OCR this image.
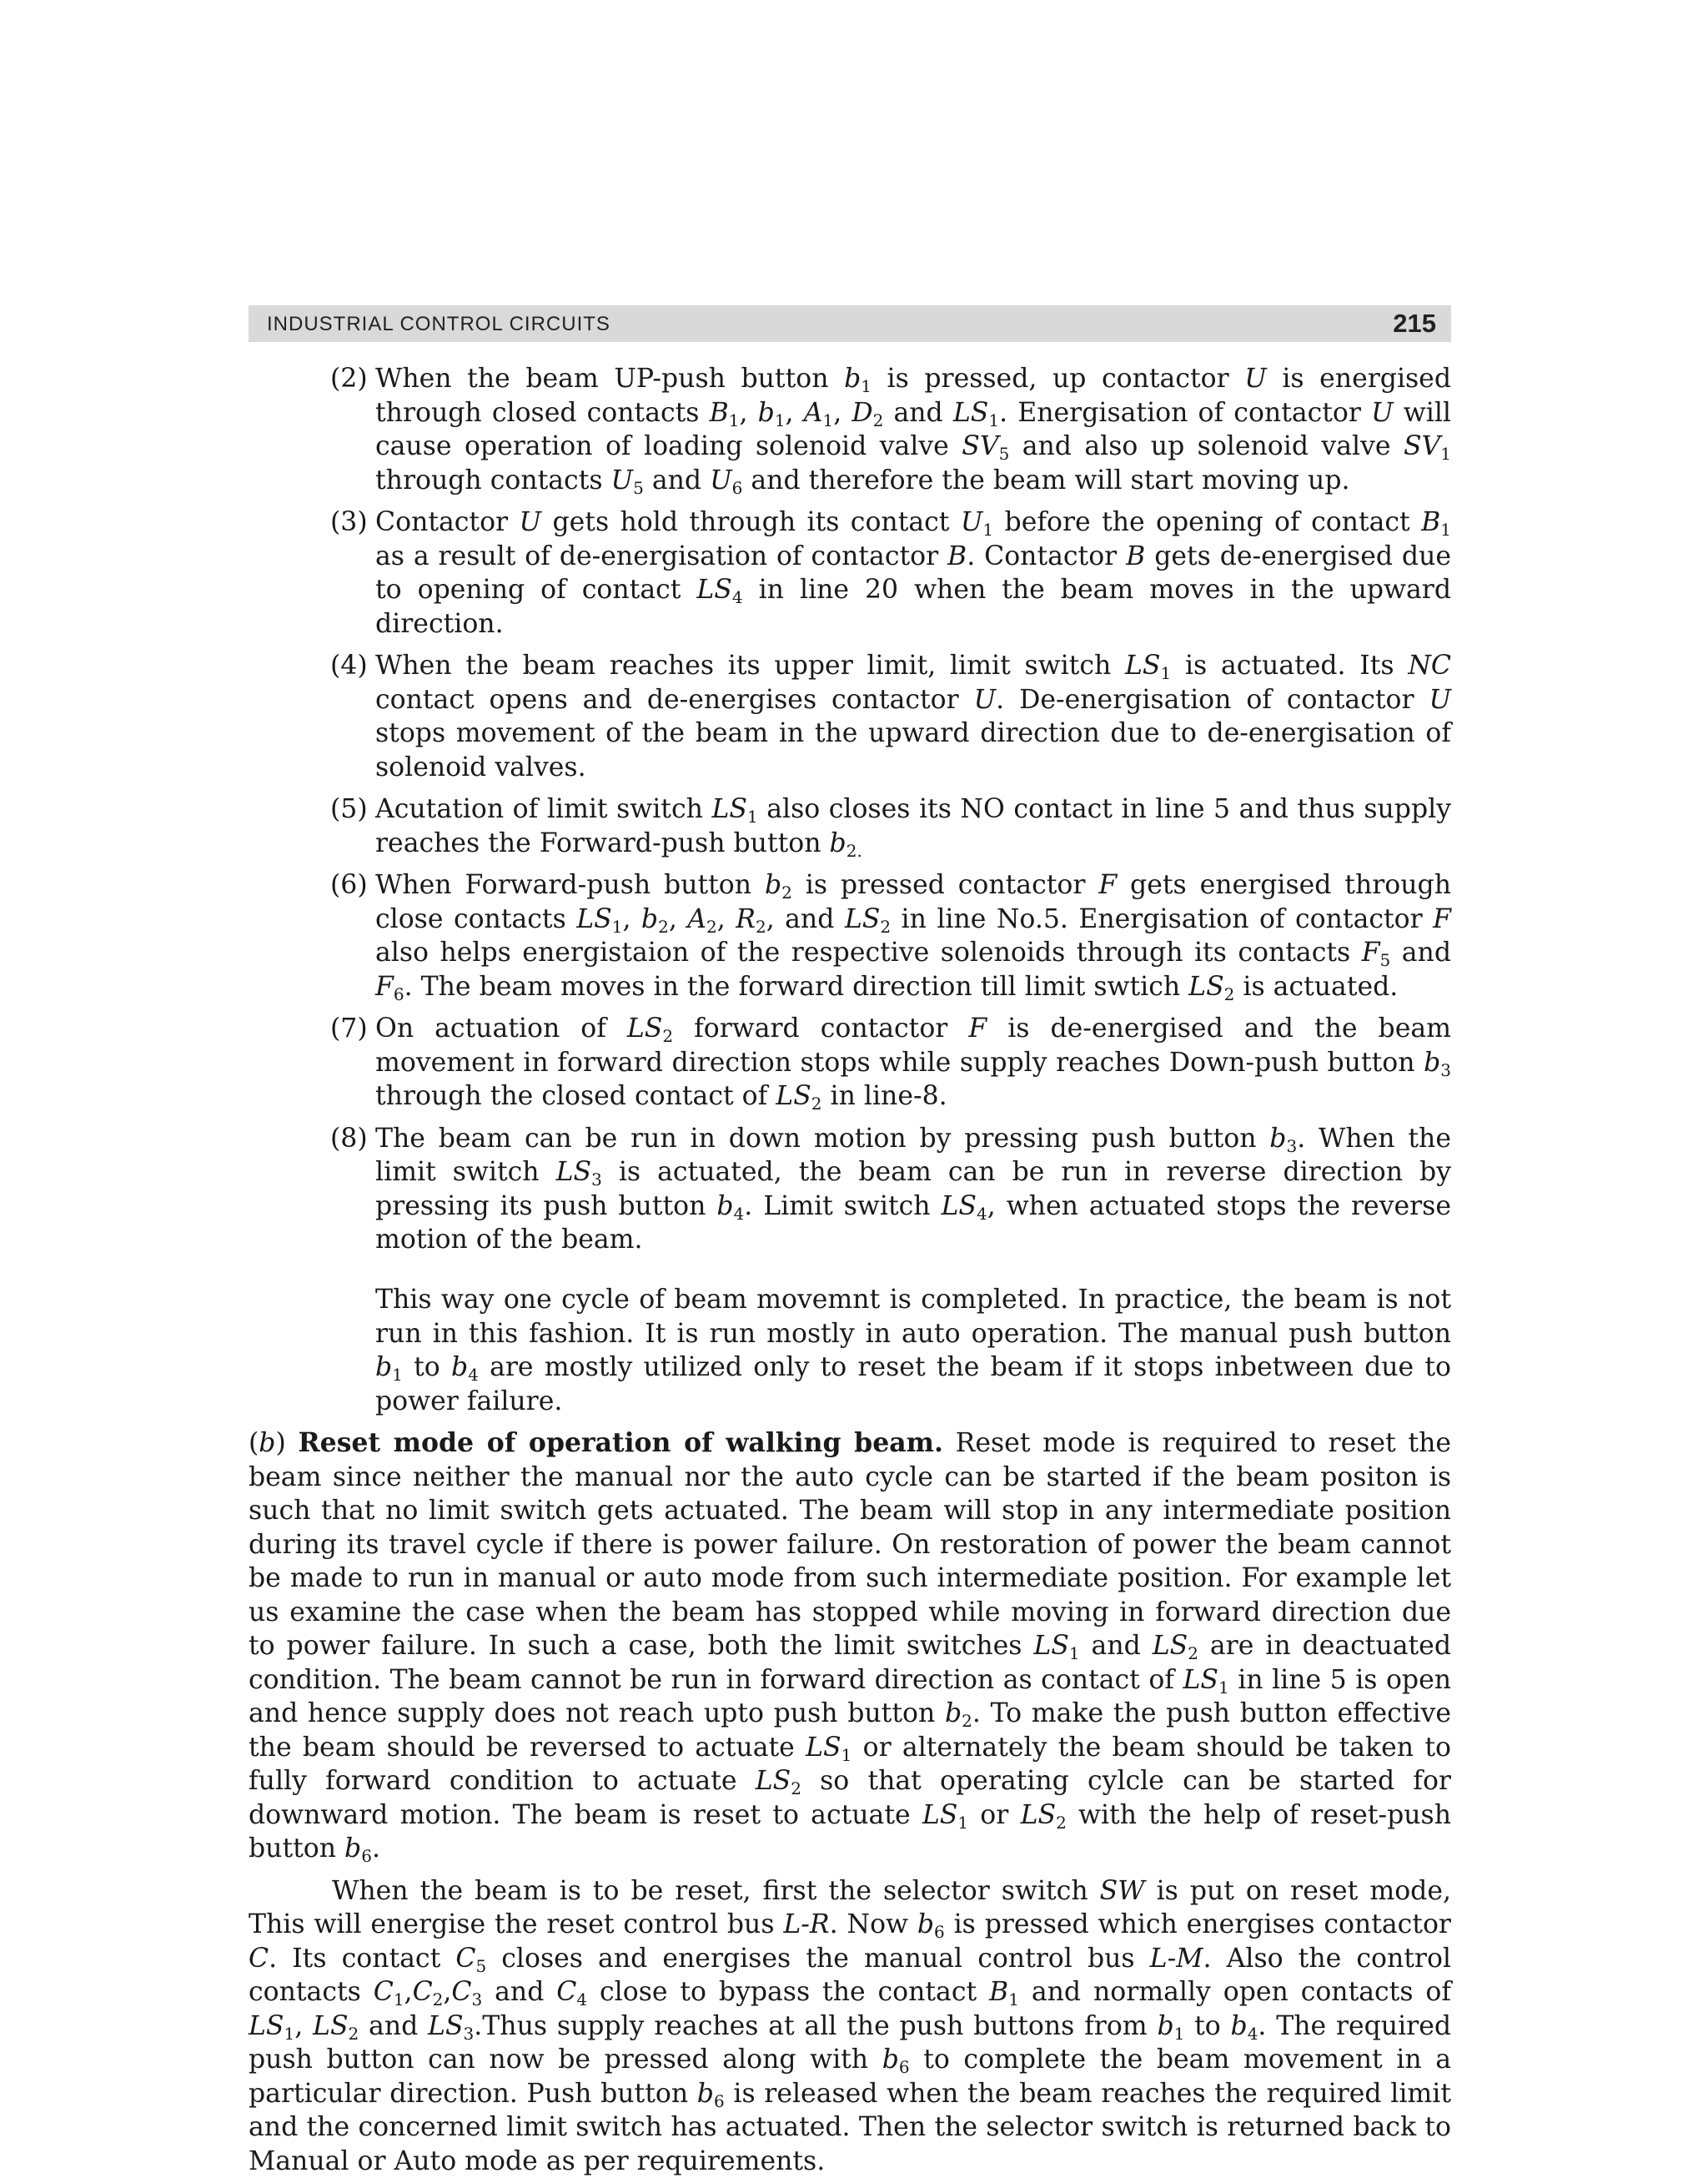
INDUSTRIAL CONTROL CIRCUITS	215
(2) When the beam UP-push button $b_1$ is pressed, up contactor U is energised through closed contacts $B_1$, $b_1$, $A_1$, $D_2$ and $LS_1$. Energisation of contactor U will cause operation of loading solenoid valve $SV_5$ and also up solenoid valve $SV_1$ through contacts $U_5$ and $U_6$ and therefore the beam will start moving up.
(3) Contactor U gets hold through its contact $U_1$ before the opening of contact $B_1$ as a result of de-energisation of contactor B. Contactor B gets de-energised due to opening of contact $LS_4$ in line 20 when the beam moves in the upward direction.
(4) When the beam reaches its upper limit, limit switch $LS_1$ is actuated. Its NC contact opens and de-energises contactor U. De-energisation of contactor U stops movement of the beam in the upward direction due to de-energisation of solenoid valves.
(5) Acutation of limit switch $LS_1$ also closes its NO contact in line 5 and thus supply reaches the Forward-push button $b_{2.}$
(6) When Forward-push button $b_2$ is pressed contactor F gets energised through close contacts $LS_1$, $b_2$, $A_2$, $R_2$, and $LS_2$ in line No.5. Energisation of contactor F also helps energistaion of the respective solenoids through its contacts $F_5$ and $F_6$. The beam moves in the forward direction till limit swtich $LS_2$ is actuated.
(7) On actuation of $LS_2$ forward contactor F is de-energised and the beam movement in forward direction stops while supply reaches Down-push button $b_3$ through the closed contact of $LS_2$ in line-8.
(8) The beam can be run in down motion by pressing push button $b_3$. When the limit switch $LS_3$ is actuated, the beam can be run in reverse direction by pressing its push button $b_4$. Limit switch $LS_4$, when actuated stops the reverse motion of the beam.

This way one cycle of beam movemnt is completed. In practice, the beam is not run in this fashion. It is run mostly in auto operation. The manual push button $b_1$ to $b_4$ are mostly utilized only to reset the beam if it stops inbetween due to power failure.

(b) Reset mode of operation of walking beam. Reset mode is required to reset the beam since neither the manual nor the auto cycle can be started if the beam positon is such that no limit switch gets actuated. The beam will stop in any intermediate position during its travel cycle if there is power failure. On restoration of power the beam cannot be made to run in manual or auto mode from such intermediate position. For example let us examine the case when the beam has stopped while moving in forward direction due to power failure. In such a case, both the limit switches $LS_1$ and $LS_2$ are in deactuated condition. The beam cannot be run in forward direction as contact of $LS_1$ in line 5 is open and hence supply does not reach upto push button $b_2$. To make the push button effective the beam should be reversed to actuate $LS_1$ or alternately the beam should be taken to fully forward condition to actuate $LS_2$ so that operating cylcle can be started for downward motion. The beam is reset to actuate $LS_1$ or $LS_2$ with the help of reset-push button $b_6$.

When the beam is to be reset, first the selector switch SW is put on reset mode, This will energise the reset control bus L-R. Now $b_6$ is pressed which energises contactor C. Its contact $C_5$ closes and energises the manual control bus L-M. Also the control contacts $C_1,C_2,C_3$ and $C_4$ close to bypass the contact $B_1$ and normally open contacts of $LS_1$, $LS_2$ and $LS_3.Thus$ supply reaches at all the push buttons from $b_1$ to $b_4$. The required push button can now be pressed along with $b_6$ to complete the beam movement in a particular direction. Push button $b_6$ is released when the beam reaches the required limit and the concerned limit switch has actuated. Then the selector switch is returned back to Manual or Auto mode as per requirements.
